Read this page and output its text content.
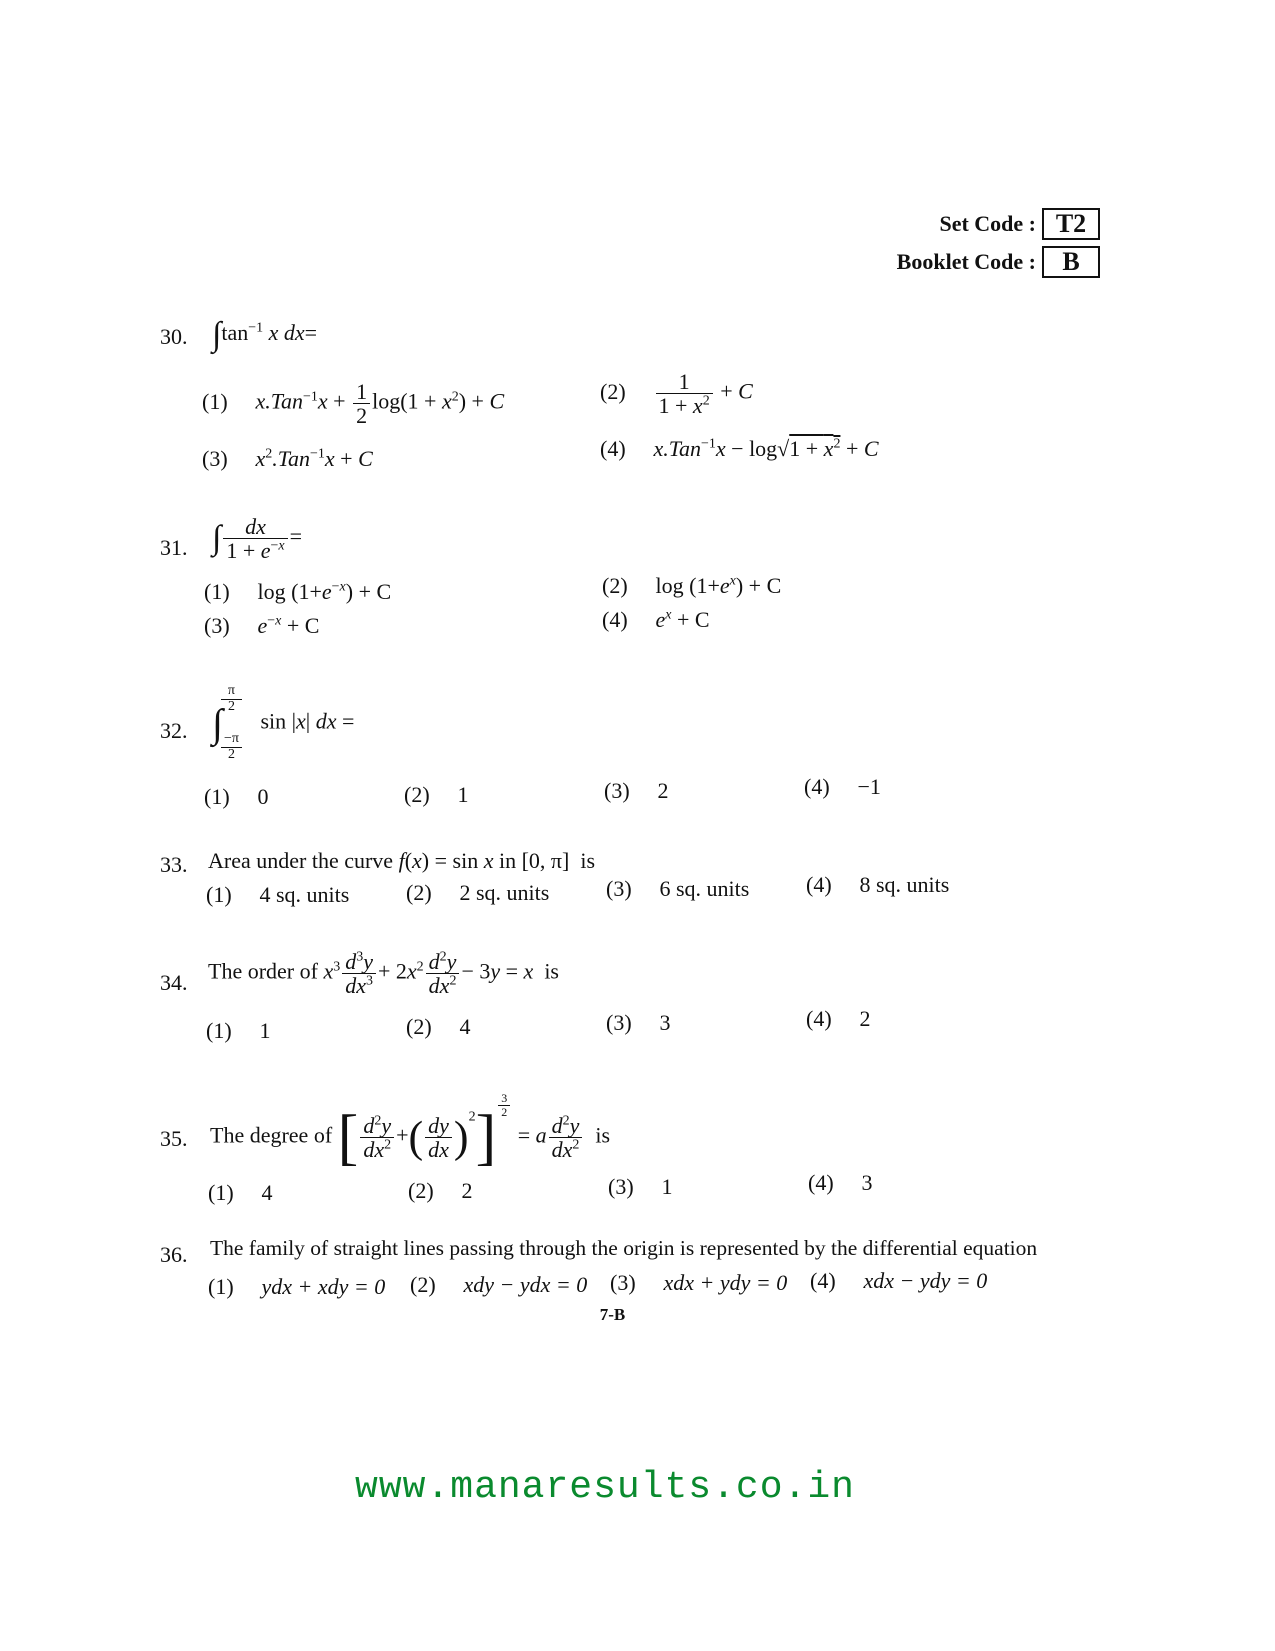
Set Code : T2
Booklet Code :	B
30. $\int\tan^{-1}$ x dx=
(1) $x.Tan^{-1}x + \frac{1}{2} \log(1 + x^2) + C$	$(2) \frac{1}{1 + x^2} + C$
(3) $x^2.Tan^{-1}x + C$	(4) $x.Tan^{-1}x - \log√1 + x^2 + C$
31. ∫ $\frac{dx}{1 + e^{-x}}$ =
(1) $\log (1+e^{-x}) + C$	(2) $\log (1+e^x) + C$
(3) $e^{-x} + C$	(4) $e^x + C$
32. ∫
π
2
−π
2
sin |x| dx =
(1) 0	(2) 1	(3) 2	(4) −1
33. Area under the curve f(x) = sin x in [0, π]  is
(1) 4 sq. units	(2) 2 sq. units	(3) 6 sq. units	(4) 8 sq. units
34. The order of $x^3 \frac{d^3y}{dx^3} + 2x^2 \frac{d^2y}{dx^2} - 3y = x$ is
(1) 1	(2) 4	(3) 3	(4) 2
35. The degree of [ $\frac{d^2y}{dx^2}$ +( $\frac{dy}{dx} )^2$] $^{\frac{3}{2}}$
= a $\frac{d^2y}{dx^2}$ is
(1) 4	(2) 2	(3) 1	(4) 3
36. The family of straight lines passing through the origin is represented by the differential equation
(1) ydx + xdy = 0 (2) xdy − ydx = 0 (3) xdx + ydy = 0 (4) xdx − ydy = 0
7-B
www.manaresults.co.in
